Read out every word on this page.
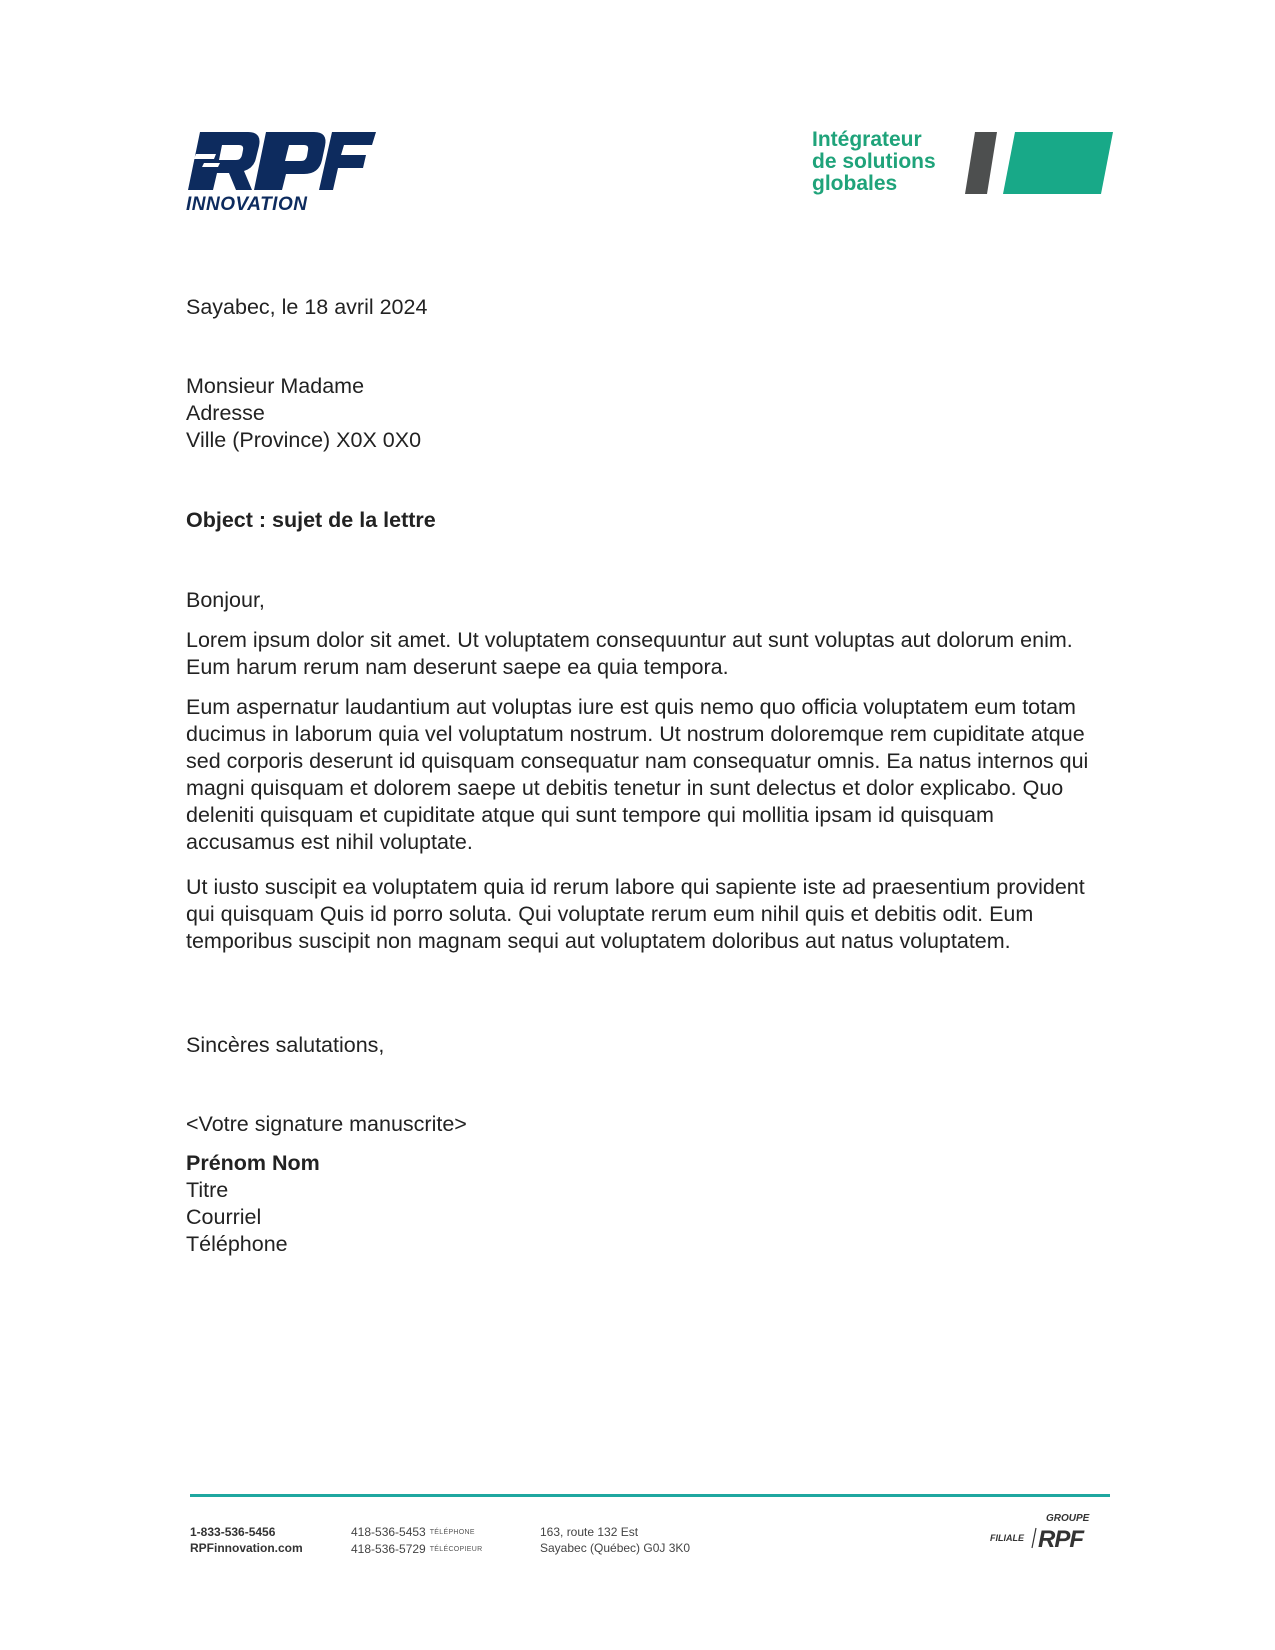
INNOVATION
Intégrateur
de solutions
globales
Sayabec, le 18 avril 2024
Monsieur Madame
Adresse
Ville (Province) X0X 0X0
Object : sujet de la lettre
Bonjour,
Lorem ipsum dolor sit amet. Ut voluptatem consequuntur aut sunt voluptas aut dolorum enim. Eum harum rerum nam deserunt saepe ea quia tempora.
Eum aspernatur laudantium aut voluptas iure est quis nemo quo officia voluptatem eum totam ducimus in laborum quia vel voluptatum nostrum. Ut nostrum doloremque rem cupiditate atque sed corporis deserunt id quisquam consequatur nam consequatur omnis. Ea natus internos qui magni quisquam et dolorem saepe ut debitis tenetur in sunt delectus et dolor explicabo. Quo deleniti quisquam et cupiditate atque qui sunt tempore qui mollitia ipsam id quisquam accusamus est nihil voluptate.
Ut iusto suscipit ea voluptatem quia id rerum labore qui sapiente iste ad praesentium provident qui quisquam Quis id porro soluta. Qui voluptate rerum eum nihil quis et debitis odit. Eum temporibus suscipit non magnam sequi aut voluptatem doloribus aut natus voluptatem.
Sincères salutations,
<Votre signature manuscrite>
Prénom Nom
Titre
Courriel
Téléphone
1-833-536-5456
RPFinnovation.com
418-536-5453 TÉLÉPHONE
418-536-5729 TÉLÉCOPIEUR
163, route 132 Est
Sayabec (Québec) G0J 3K0
GROUPE
FILIALE RPF
